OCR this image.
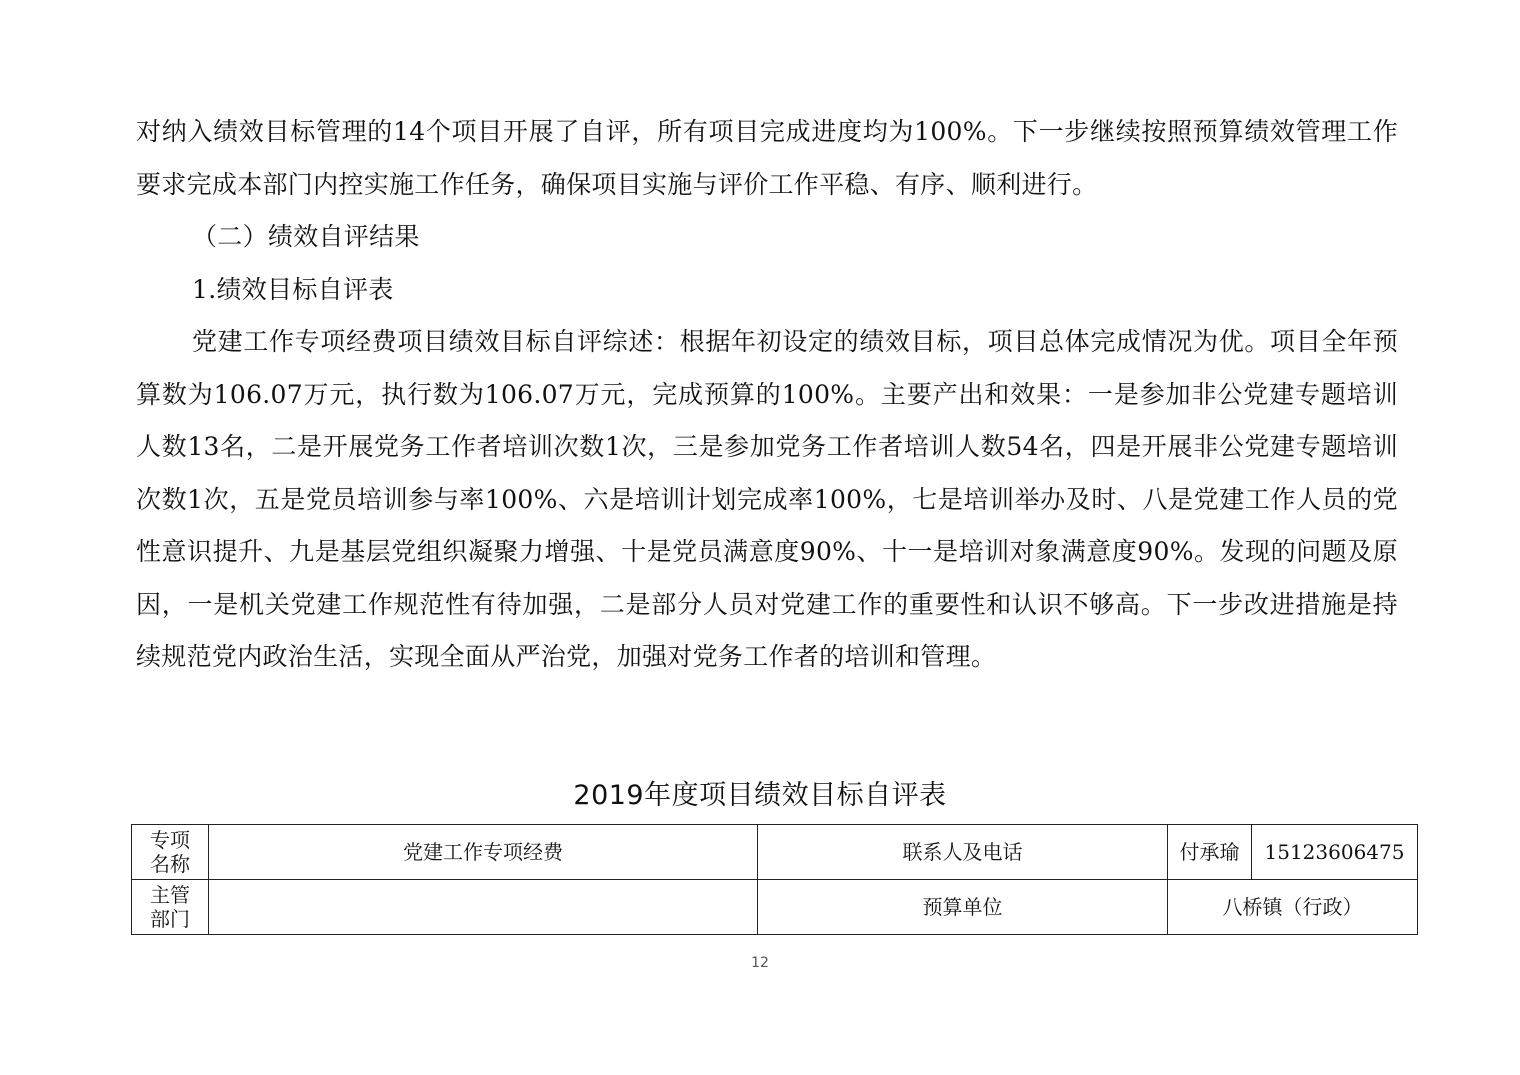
对纳入绩效目标管理的14个项目开展了自评，所有项目完成进度均为100%。下一步继续按照预算绩效管理工作要求完成本部门内控实施工作任务，确保项目实施与评价工作平稳、有序、顺利进行。

（二）绩效自评结果

1.绩效目标自评表

党建工作专项经费项目绩效目标自评综述：根据年初设定的绩效目标，项目总体完成情况为优。项目全年预算数为106.07万元，执行数为106.07万元，完成预算的100%。主要产出和效果：一是参加非公党建专题培训人数13名，二是开展党务工作者培训次数1次，三是参加党务工作者培训人数54名，四是开展非公党建专题培训次数1次，五是党员培训参与率100%、六是培训计划完成率100%，七是培训举办及时、八是党建工作人员的党性意识提升、九是基层党组织凝聚力增强、十是党员满意度90%、十一是培训对象满意度90%。发现的问题及原因，一是机关党建工作规范性有待加强，二是部分人员对党建工作的重要性和认识不够高。下一步改进措施是持续规范党内政治生活，实现全面从严治党，加强对党务工作者的培训和管理。

2019年度项目绩效目标自评表
专项
名称	党建工作专项经费	联系人及电话	付承瑜	15123606475

主管
部门		预算单位	八桥镇（行政）	
12
